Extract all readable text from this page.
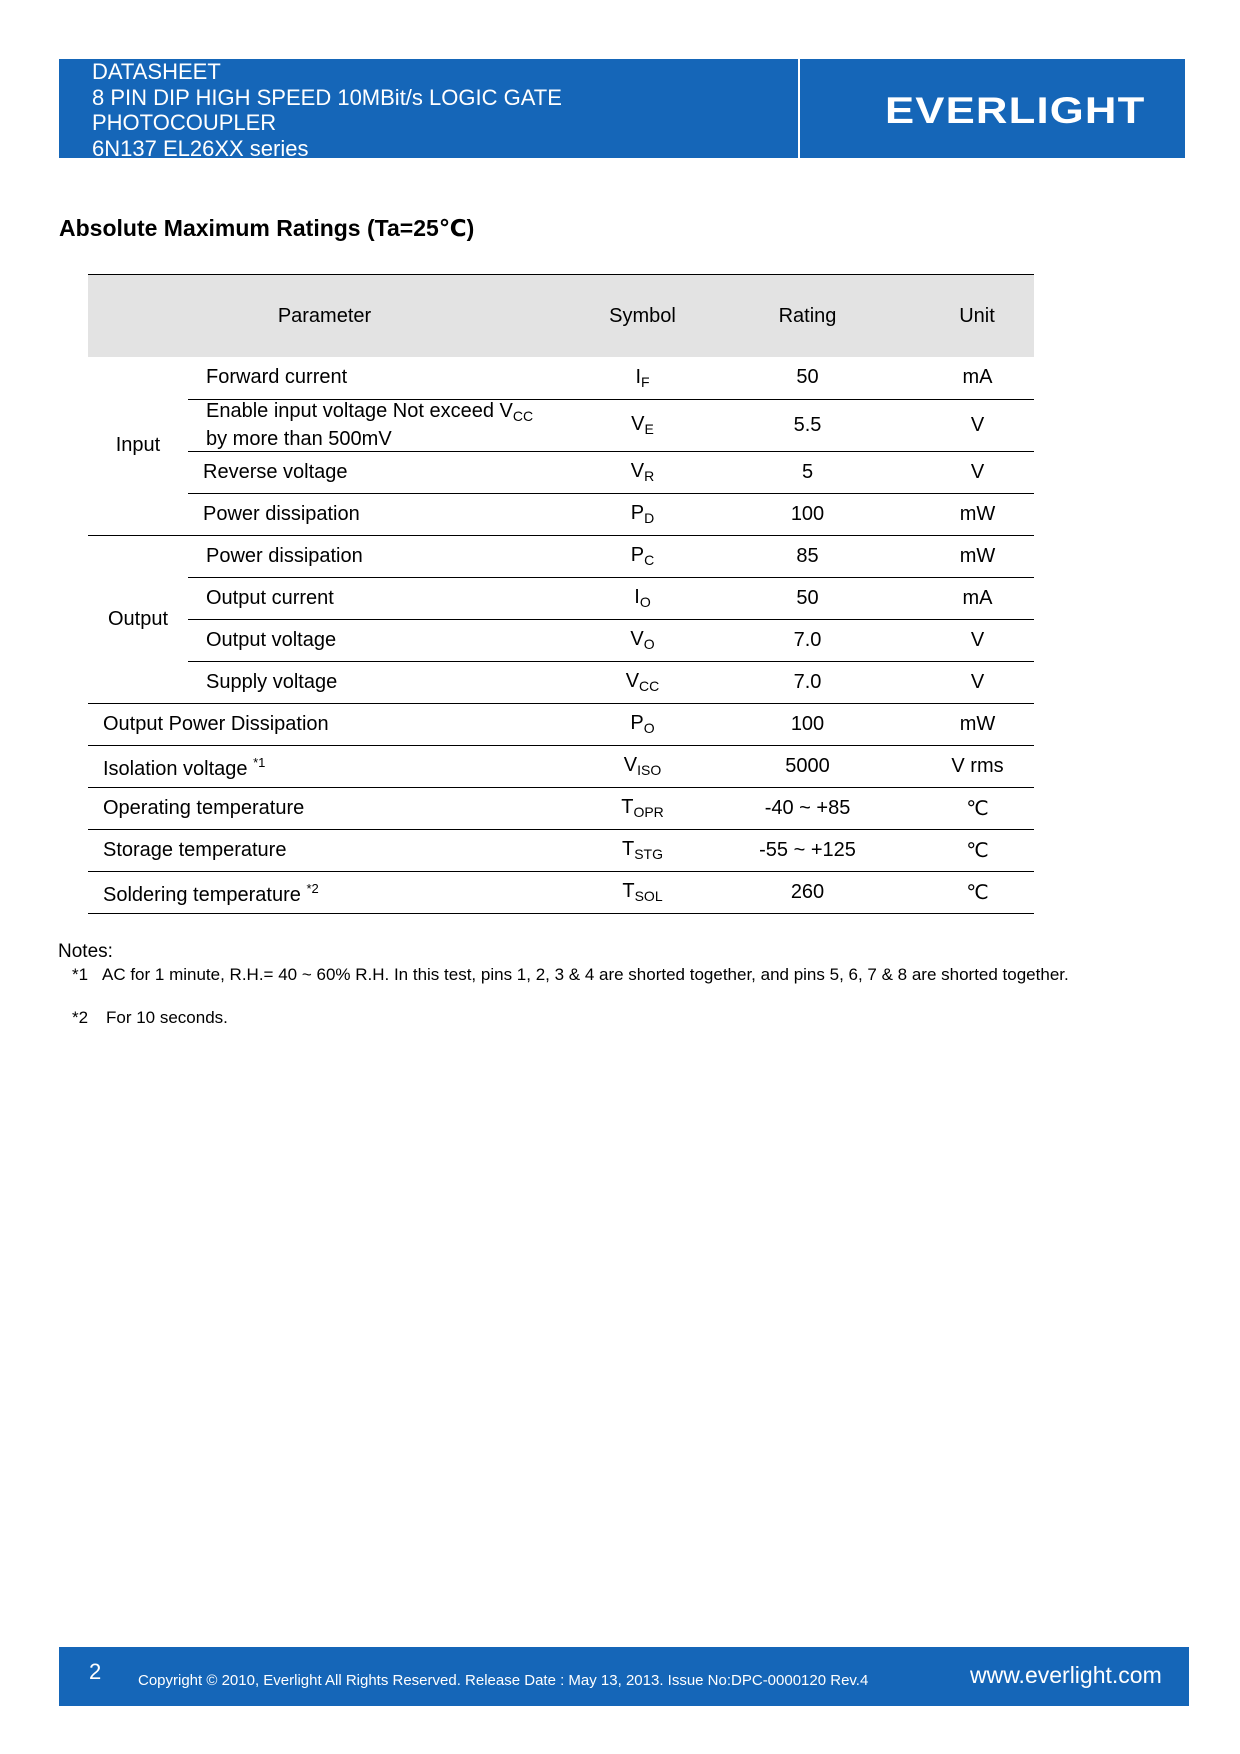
DATASHEET
8 PIN DIP HIGH SPEED 10MBit/s LOGIC GATE
PHOTOCOUPLER
6N137 EL26XX series
EVERLIGHT
Absolute Maximum Ratings (Ta=25℃)
Parameter		Symbol	Rating	Unit
Input	Forward current	$I_F$	50	mA
	Enable input voltage Not exceed $V_{CC}$
by more than 500mV	$V_E$	5.5	V
	Reverse voltage	$V_R$	5	V
	Power dissipation	$P_D$	100	mW
Output	Power dissipation	$P_C$	85	mW
	Output current	$I_O$	50	mA
	Output voltage	$V_O$	7.0	V
	Supply voltage	$V_{CC}$	7.0	V
Output Power Dissipation		$P_O$	100	mW
Isolation voltage $^{*1}$		$V_{ISO}$	5000	V rms
Operating temperature		$T_{OPR}$	-40 ~ +85	℃
Storage temperature		$T_{STG}$	-55 ~ +125	℃
Soldering temperature $^{*2}$		$T_{SOL}$	260	℃
Notes:
*1 AC for 1 minute, R.H.= 40 ~ 60% R.H. In this test, pins 1, 2, 3 & 4 are shorted together, and pins 5, 6, 7 & 8 are shorted together.
*2 For 10 seconds.
2 Copyright © 2010, Everlight All Rights Reserved. Release Date : May 13, 2013. Issue No:DPC-0000120 Rev.4	www.everlight.com
